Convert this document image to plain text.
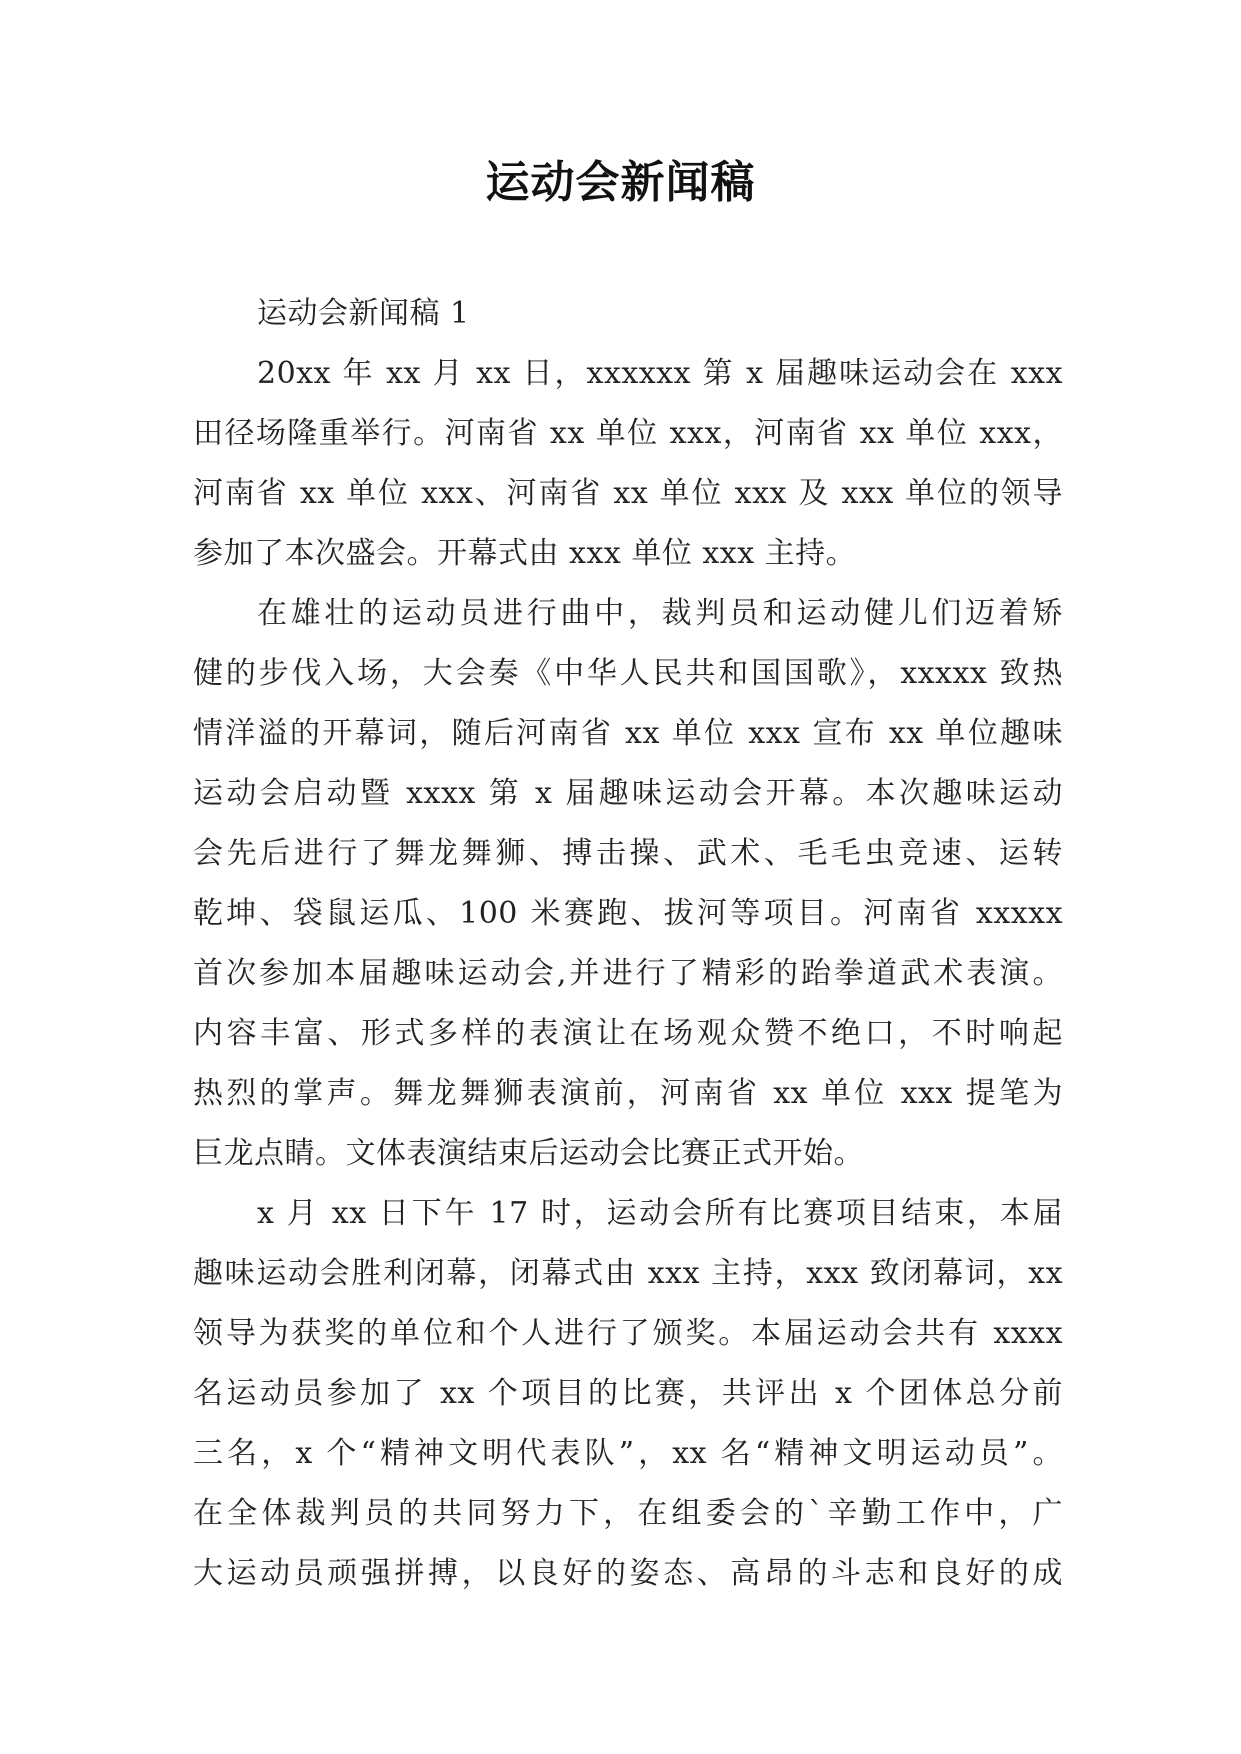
运动会新闻稿
运动会新闻稿 1
20xx 年 xx 月 xx 日，xxxxxx 第 x 届趣味运动会在 xxx
田径场隆重举行。河南省 xx 单位 xxx，河南省 xx 单位 xxx，
河南省 xx 单位 xxx、河南省 xx 单位 xxx 及 xxx 单位的领导
参加了本次盛会。开幕式由 xxx 单位 xxx 主持。
在雄壮的运动员进行曲中，裁判员和运动健儿们迈着矫
健的步伐入场，大会奏《中华人民共和国国歌》，xxxxx 致热
情洋溢的开幕词，随后河南省 xx 单位 xxx 宣布 xx 单位趣味
运动会启动暨 xxxx 第 x 届趣味运动会开幕。本次趣味运动
会先后进行了舞龙舞狮、搏击操、武术、毛毛虫竞速、运转
乾坤、袋鼠运瓜、100 米赛跑、拔河等项目。河南省 xxxxx
首次参加本届趣味运动会,并进行了精彩的跆拳道武术表演。
内容丰富、形式多样的表演让在场观众赞不绝口，不时响起
热烈的掌声。舞龙舞狮表演前，河南省 xx 单位 xxx 提笔为
巨龙点睛。文体表演结束后运动会比赛正式开始。
x 月 xx 日下午 17 时，运动会所有比赛项目结束，本届
趣味运动会胜利闭幕，闭幕式由 xxx 主持，xxx 致闭幕词，xx
领导为获奖的单位和个人进行了颁奖。本届运动会共有 xxxx
名运动员参加了 xx 个项目的比赛，共评出 x 个团体总分前
三名，x 个“精神文明代表队”，xx 名“精神文明运动员”。
在全体裁判员的共同努力下，在组委会的`辛勤工作中，广
大运动员顽强拼搏，以良好的姿态、高昂的斗志和良好的成
